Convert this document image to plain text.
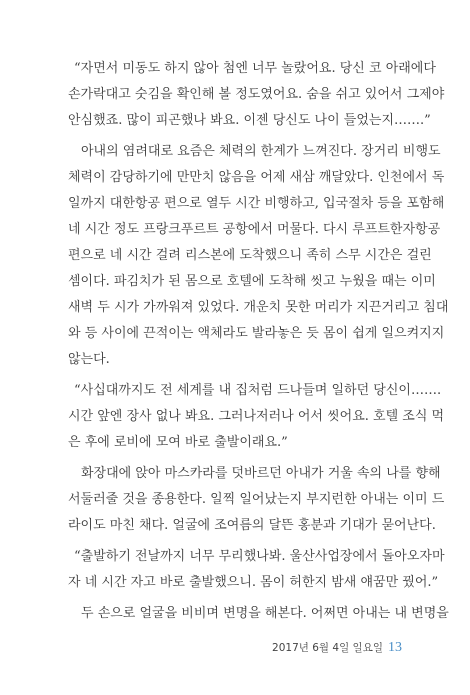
“자면서 미동도 하지 않아 첨엔 너무 놀랐어요. 당신 코 아래에다
손가락대고 숫김을 확인해 볼 정도였어요. 숨을 쉬고 있어서 그제야
안심했죠. 많이 피곤했나 봐요. 이젠 당신도 나이 들었는지…….”
아내의 염려대로 요즘은 체력의 한계가 느껴진다. 장거리 비행도
체력이 감당하기에 만만치 않음을 어제 새삼 깨달았다. 인천에서 독
일까지 대한항공 편으로 열두 시간 비행하고, 입국절차 등을 포함해
네 시간 정도 프랑크푸르트 공항에서 머물다. 다시 루프트한자항공
편으로 네 시간 걸려 리스본에 도착했으니 족히 스무 시간은 걸린
셈이다. 파김치가 된 몸으로 호텔에 도착해 씻고 누웠을 때는 이미
새벽 두 시가 가까워져 있었다. 개운치 못한 머리가 지끈거리고 침대
와 등 사이에 끈적이는 액체라도 발라놓은 듯 몸이 쉽게 일으켜지지
않는다.
“사십대까지도 전 세계를 내 집처럼 드나들며 일하던 당신이…….
시간 앞엔 장사 없나 봐요. 그러나저러나 어서 씻어요. 호텔 조식 먹
은 후에 로비에 모여 바로 출발이래요.”
화장대에 앉아 마스카라를 덧바르던 아내가 거울 속의 나를 향해
서둘러줄 것을 종용한다. 일찍 일어났는지 부지런한 아내는 이미 드
라이도 마친 채다. 얼굴에 조여름의 달뜬 홍분과 기대가 묻어난다.
“출발하기 전날까지 너무 무리했나봐. 울산사업장에서 돌아오자마
자 네 시간 자고 바로 출발했으니. 몸이 허한지 밤새 얘꿈만 꿨어.”
두 손으로 얼굴을 비비며 변명을 해본다. 어쩌면 아내는 내 변명을
2017년 6월 4일 일요일 13
